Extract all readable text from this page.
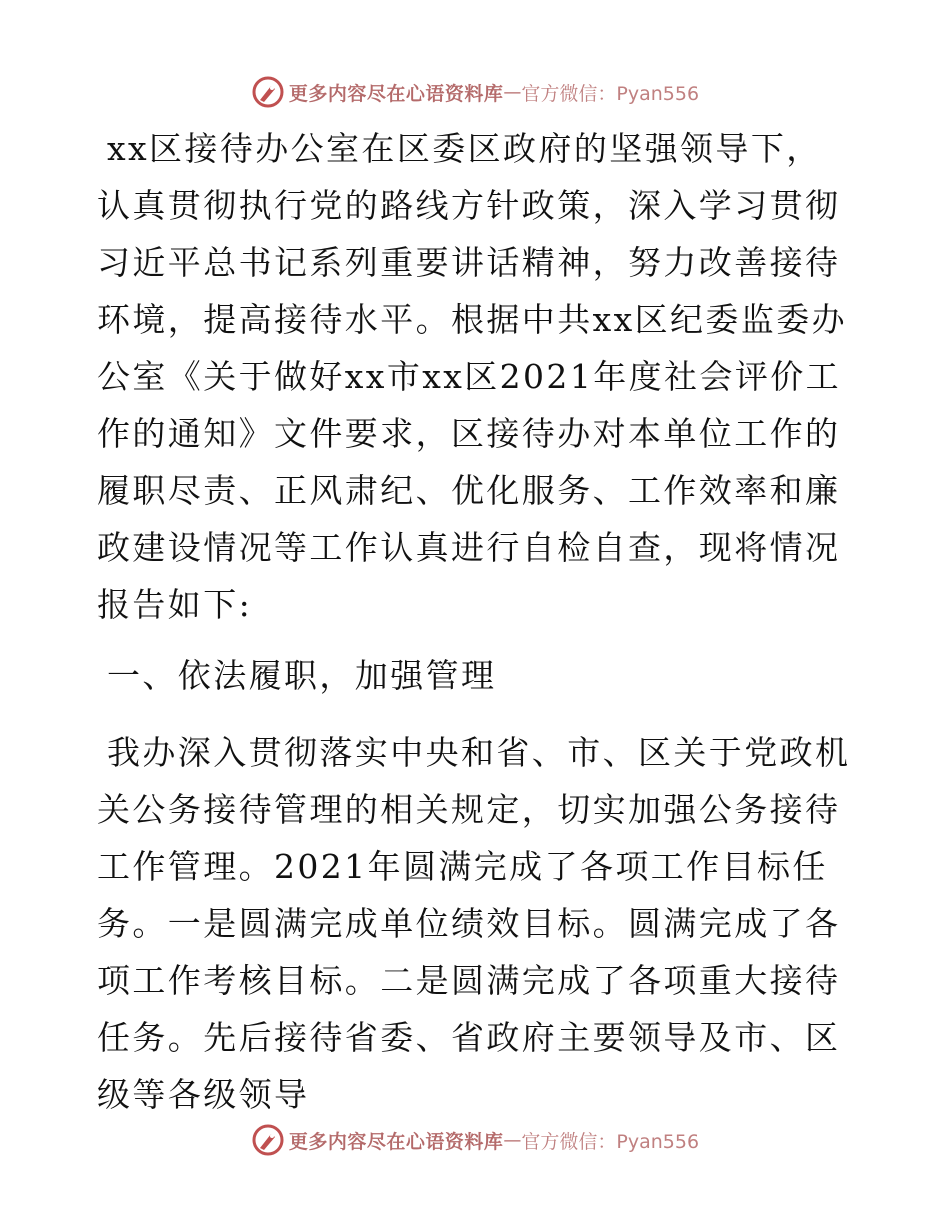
更多内容尽在心语资料库 — 官方微信：Pyan556

xx区接待办公室在区委区政府的坚强领导下，认真贯彻执行党的路线方针政策，深入学习贯彻习近平总书记系列重要讲话精神，努力改善接待环境，提高接待水平。根据中共xx区纪委监委办公室《关于做好xx市xx区2021年度社会评价工作的通知》文件要求，区接待办对本单位工作的履职尽责、正风肃纪、优化服务、工作效率和廉政建设情况等工作认真进行自检自查，现将情况报告如下:

一、依法履职，加强管理

我办深入贯彻落实中央和省、市、区关于党政机关公务接待管理的相关规定，切实加强公务接待工作管理。2021年圆满完成了各项工作目标任务。一是圆满完成单位绩效目标。圆满完成了各项工作考核目标。二是圆满完成了各项重大接待任务。先后接待省委、省政府主要领导及市、区级等各级领导

更多内容尽在心语资料库 — 官方微信：Pyan556
